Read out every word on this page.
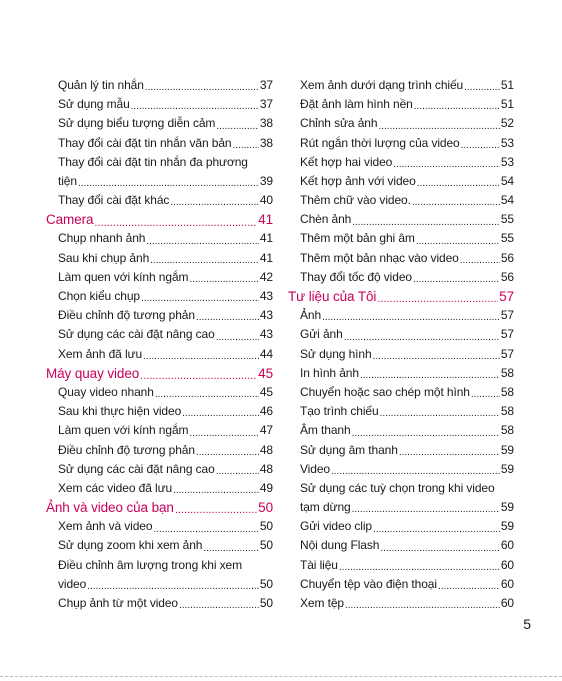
Quản lý tin nhắn .....	37
Sử dụng mẫu .....	37
Sử dụng biểu tượng diễn cảm .....	38
Thay đổi cài đặt tin nhắn văn bản ..... 38
Thay đổi cài đặt tin nhắn đa phương
tiện .....	39
Thay đổi cài đặt khác .....	40
Camera .....	41
Chụp nhanh ảnh .....	41
Sau khi chụp ảnh .....	41
Làm quen với kính ngắm .....	42
Chọn kiểu chụp .....	43
Điều chỉnh độ tương phản .....	43
Sử dụng các cài đặt nâng cao .....	43
Xem ảnh đã lưu .....	44
Máy quay video .....	45
Quay video nhanh .....	45
Sau khi thực hiện video .....	46
Làm quen với kính ngắm .....	47
Điều chỉnh độ tương phản .....	48
Sử dụng các cài đặt nâng cao .....	48
Xem các video đã lưu .....	49
Ảnh và video của bạn .....	50
Xem ảnh và video .....	50
Sử dụng zoom khi xem ảnh .....	50
Điều chỉnh âm lượng trong khi xem
video .....	50
Chụp ảnh từ một video .....	50
Xem ảnh dưới dạng trình chiếu .....	51
Đặt ảnh làm hình nền .....	51
Chỉnh sửa ảnh .....	52
Rút ngắn thời lượng của video .....	53
Kết hợp hai video .....	53
Kết hợp ảnh với video .....	54
Thêm chữ vào video. .....	54
Chèn ảnh .....	55
Thêm một bản ghi âm .....	55
Thêm một bản nhạc vào video .....	56
Thay đổi tốc độ video .....	56
Tư liệu của Tôi .....	57
Ảnh .....	57
Gửi ảnh .....	57
Sử dụng hình .....	57
In hình ảnh .....	58
Chuyển hoặc sao chép một hình .....	58
Tạo trình chiếu .....	58
Âm thanh .....	58
Sử dụng âm thanh .....	59
Video .....	59
Sử dụng các tuỳ chọn trong khi video
tạm dừng .....	59
Gửi video clip .....	59
Nội dung Flash .....	60
Tài liệu .....	60
Chuyển tệp vào điện thoại .....	60
Xem tệp .....	60
5
